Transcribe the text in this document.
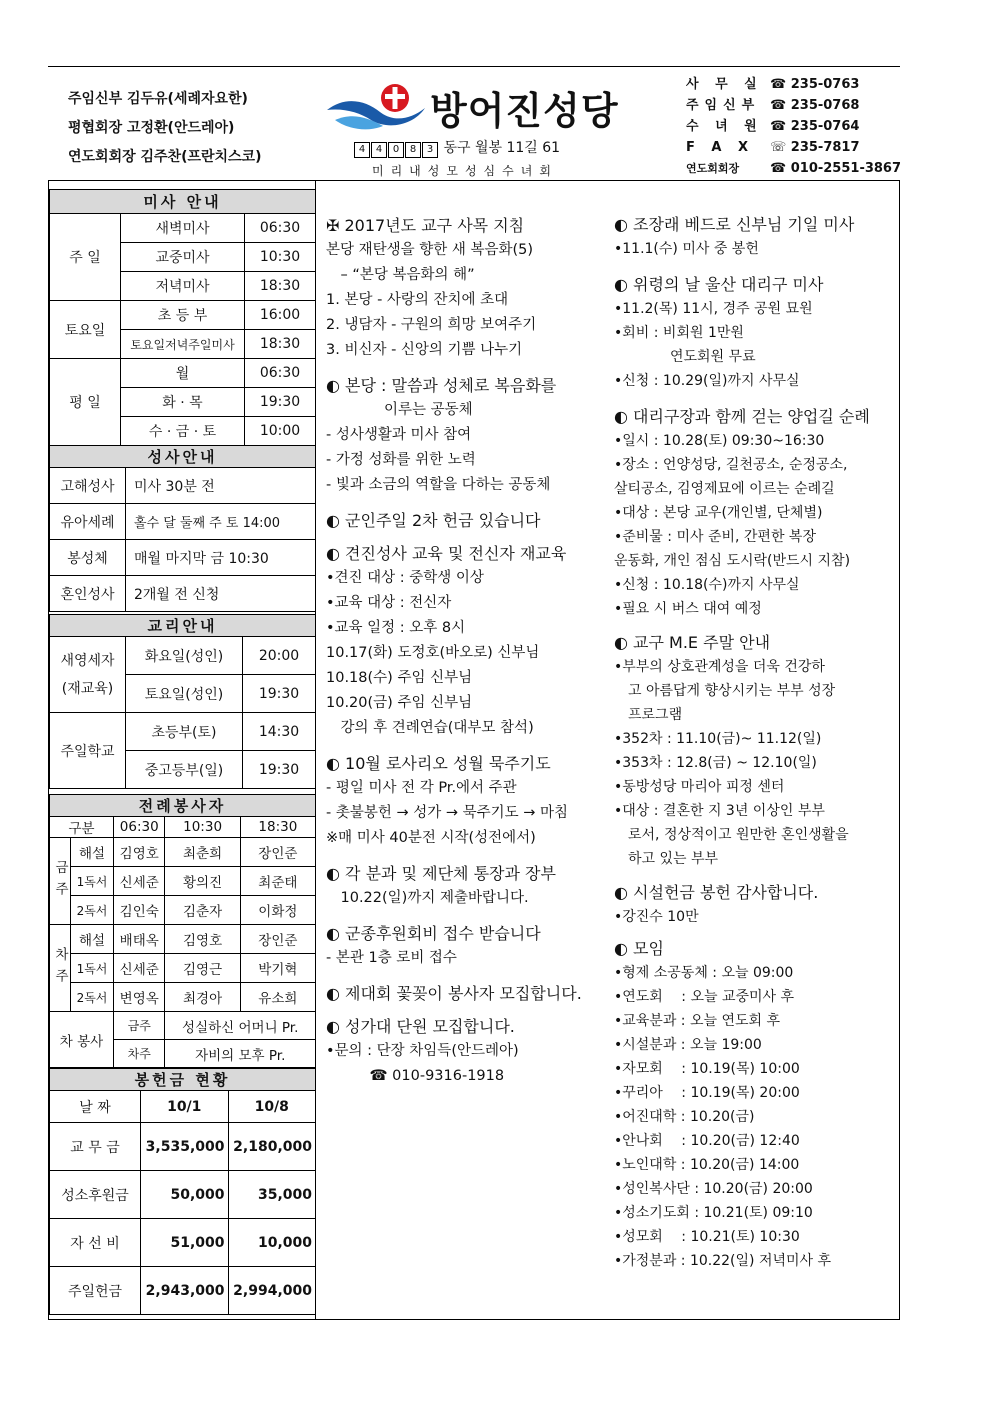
주임신부 김두유(세례자요한)
평협회장 고정환(안드레아)
연도회회장 김주찬(프란치스코)
방어진성당
4 4 0 8 3 동구 월봉 11길 61
미리내성모성심수녀회
사 무 실 ☎ 235-0763
주임신부 ☎ 235-0768
수 녀 원 ☎ 235-0764
F A X ☏ 235-7817
연도회회장 ☎ 010-2551-3867
미사 안내		
주 일	새벽미사	06:30
	교중미사	10:30
	저녁미사	18:30
토요일	초 등 부	16:00
	토요일저녁주일미사	18:30
평 일	월	06:30
	화 · 목	19:30
	수 · 금 · 토	10:00
성사안내	
고해성사	미사 30분 전
유아세례	홀수 달 둘째 주 토 14:00
봉성체	매월 마지막 금 10:30
혼인성사	2개월 전 신청
교리안내		
새영세자
(재교육)	화요일(성인)	20:00
	토요일(성인)	19:30
주일학교	초등부(토)	14:30
	중고등부(일)	19:30
전례봉사자				
구분		06:30	10:30	18:30
금주	해설	김영호	최춘희	장인준
	1독서	신세준	황의진	최준태
	2독서	김인숙	김춘자	이화정
차주	해설	배태옥	김영호	장인준
	1독서	신세준	김영근	박기혁
	2독서	변영옥	최경아	유소희
차 봉사		금주	성실하신 어머니 Pr.	
		차주	자비의 모후 Pr.	
봉헌금 현황		
날 짜	10/1	10/8
교 무 금	3,535,000	2,180,000
성소후원금	50,000	35,000
자 선 비	51,000	10,000
주일헌금	2,943,000	2,994,000
✠ 2017년도 교구 사목 지침
본당 재탄생을 향한 새 복음화(5)
　– “본당 복음화의 해”
1. 본당 - 사랑의 잔치에 초대
2. 냉담자 - 구원의 희망 보여주기
3. 비신자 - 신앙의 기쁨 나누기
◐ 본당 : 말씀과 성체로 복음화를
　　　　이루는 공동체
- 성사생활과 미사 참여
- 가정 성화를 위한 노력
- 빛과 소금의 역할을 다하는 공동체
◐ 군인주일 2차 헌금 있습니다
◐ 견진성사 교육 및 전신자 재교육
•견진 대상 : 중학생 이상
•교육 대상 : 전신자
•교육 일정 : 오후 8시
10.17(화) 도정호(바오로) 신부님
10.18(수) 주임 신부님
10.20(금) 주임 신부님
　강의 후 견례연습(대부모 참석)
◐ 10월 로사리오 성월 묵주기도
- 평일 미사 전 각 Pr.에서 주관
- 촛불봉헌 → 성가 → 묵주기도 → 마침
※매 미사 40분전 시작(성전에서)
◐ 각 분과 및 제단체 통장과 장부
　10.22(일)까지 제출바랍니다.
◐ 군종후원회비 접수 받습니다
- 본관 1층 로비 접수
◐ 제대회 꽃꽂이 봉사자 모집합니다.
◐ 성가대 단원 모집합니다.
•문의 : 단장 차임득(안드레아)
　　　☎ 010-9316-1918
◐ 조장래 베드로 신부님 기일 미사
•11.1(수) 미사 중 봉헌
◐ 위령의 날 울산 대리구 미사
•11.2(목) 11시, 경주 공원 묘원
•회비 : 비회원 1만원
　　　　연도회원 무료
•신청 : 10.29(일)까지 사무실
◐ 대리구장과 함께 걷는 양업길 순례
•일시 : 10.28(토) 09:30~16:30
•장소 : 언양성당, 길천공소, 순정공소,
살티공소, 김영제묘에 이르는 순례길
•대상 : 본당 교우(개인별, 단체별)
•준비물 : 미사 준비, 간편한 복장
운동화, 개인 점심 도시락(반드시 지참)
•신청 : 10.18(수)까지 사무실
•필요 시 버스 대여 예정
◐ 교구 M.E 주말 안내
•부부의 상호관계성을 더욱 건강하
　고 아름답게 향상시키는 부부 성장
　프로그램
•352차 : 11.10(금)~ 11.12(일)
•353차 : 12.8(금) ~ 12.10(일)
•동방성당 마리아 피정 센터
•대상 : 결혼한 지 3년 이상인 부부
　로서, 정상적이고 원만한 혼인생활을
　하고 있는 부부
◐ 시설헌금 봉헌 감사합니다.
•강진수 10만
◐ 모임
•형제 소공동체 : 오늘 09:00
•연도회　 : 오늘 교중미사 후
•교육분과 : 오늘 연도회 후
•시설분과 : 오늘 19:00
•자모회　 : 10.19(목) 10:00
•꾸리아　 : 10.19(목) 20:00
•어진대학 : 10.20(금)
•안나회　 : 10.20(금) 12:40
•노인대학 : 10.20(금) 14:00
•성인복사단 : 10.20(금) 20:00
•성소기도회 : 10.21(토) 09:10
•성모회　 : 10.21(토) 10:30
•가정분과 : 10.22(일) 저녁미사 후
